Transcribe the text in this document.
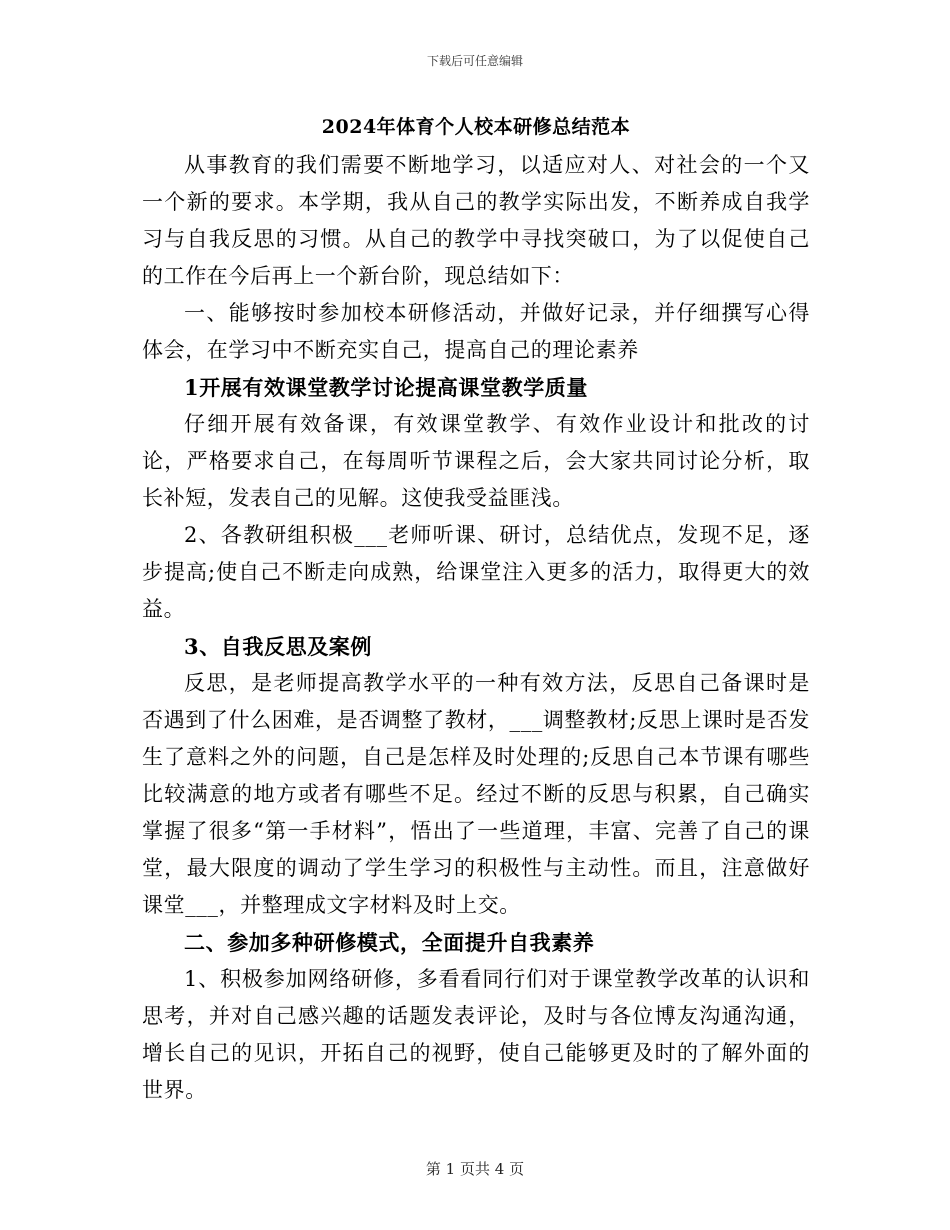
下载后可任意编辑
2024年体育个人校本研修总结范本

从事教育的我们需要不断地学习，以适应对人、对社会的一个又一个新的要求。本学期，我从自己的教学实际出发，不断养成自我学习与自我反思的习惯。从自己的教学中寻找突破口，为了以促使自己的工作在今后再上一个新台阶，现总结如下：

一、能够按时参加校本研修活动，并做好记录，并仔细撰写心得体会，在学习中不断充实自己，提高自己的理论素养

1开展有效课堂教学讨论提高课堂教学质量

仔细开展有效备课，有效课堂教学、有效作业设计和批改的讨论，严格要求自己，在每周听节课程之后，会大家共同讨论分析，取长补短，发表自己的见解。这使我受益匪浅。

2、各教研组积极___老师听课、研讨，总结优点，发现不足，逐步提高;使自己不断走向成熟，给课堂注入更多的活力，取得更大的效益。

3、自我反思及案例

反思，是老师提高教学水平的一种有效方法，反思自己备课时是否遇到了什么困难，是否调整了教材，___调整教材;反思上课时是否发生了意料之外的问题，自己是怎样及时处理的;反思自己本节课有哪些比较满意的地方或者有哪些不足。经过不断的反思与积累，自己确实掌握了很多“第一手材料”，悟出了一些道理，丰富、完善了自己的课堂，最大限度的调动了学生学习的积极性与主动性。而且，注意做好课堂___，并整理成文字材料及时上交。

二、参加多种研修模式，全面提升自我素养

1、积极参加网络研修，多看看同行们对于课堂教学改革的认识和思考，并对自己感兴趣的话题发表评论，及时与各位博友沟通沟通，增长自己的见识，开拓自己的视野，使自己能够更及时的了解外面的世界。

第 1 页共 4 页
